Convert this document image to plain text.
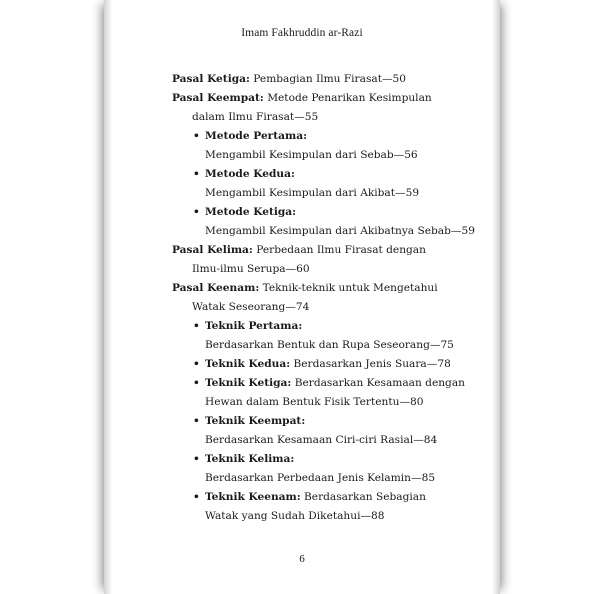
Imam Fakhruddin ar-Razi
Pasal Ketiga: Pembagian Ilmu Firasat—50
Pasal Keempat: Metode Penarikan Kesimpulan
dalam Ilmu Firasat—55
• Metode Pertama:
Mengambil Kesimpulan dari Sebab—56
• Metode Kedua:
Mengambil Kesimpulan dari Akibat—59
• Metode Ketiga:
Mengambil Kesimpulan dari Akibatnya Sebab—59
Pasal Kelima: Perbedaan Ilmu Firasat dengan
Ilmu-ilmu Serupa—60
Pasal Keenam: Teknik-teknik untuk Mengetahui
Watak Seseorang—74
• Teknik Pertama:
Berdasarkan Bentuk dan Rupa Seseorang—75
• Teknik Kedua: Berdasarkan Jenis Suara—78
• Teknik Ketiga: Berdasarkan Kesamaan dengan
Hewan dalam Bentuk Fisik Tertentu—80
• Teknik Keempat:
Berdasarkan Kesamaan Ciri-ciri Rasial—84
• Teknik Kelima:
Berdasarkan Perbedaan Jenis Kelamin—85
• Teknik Keenam: Berdasarkan Sebagian
Watak yang Sudah Diketahui—88
6
